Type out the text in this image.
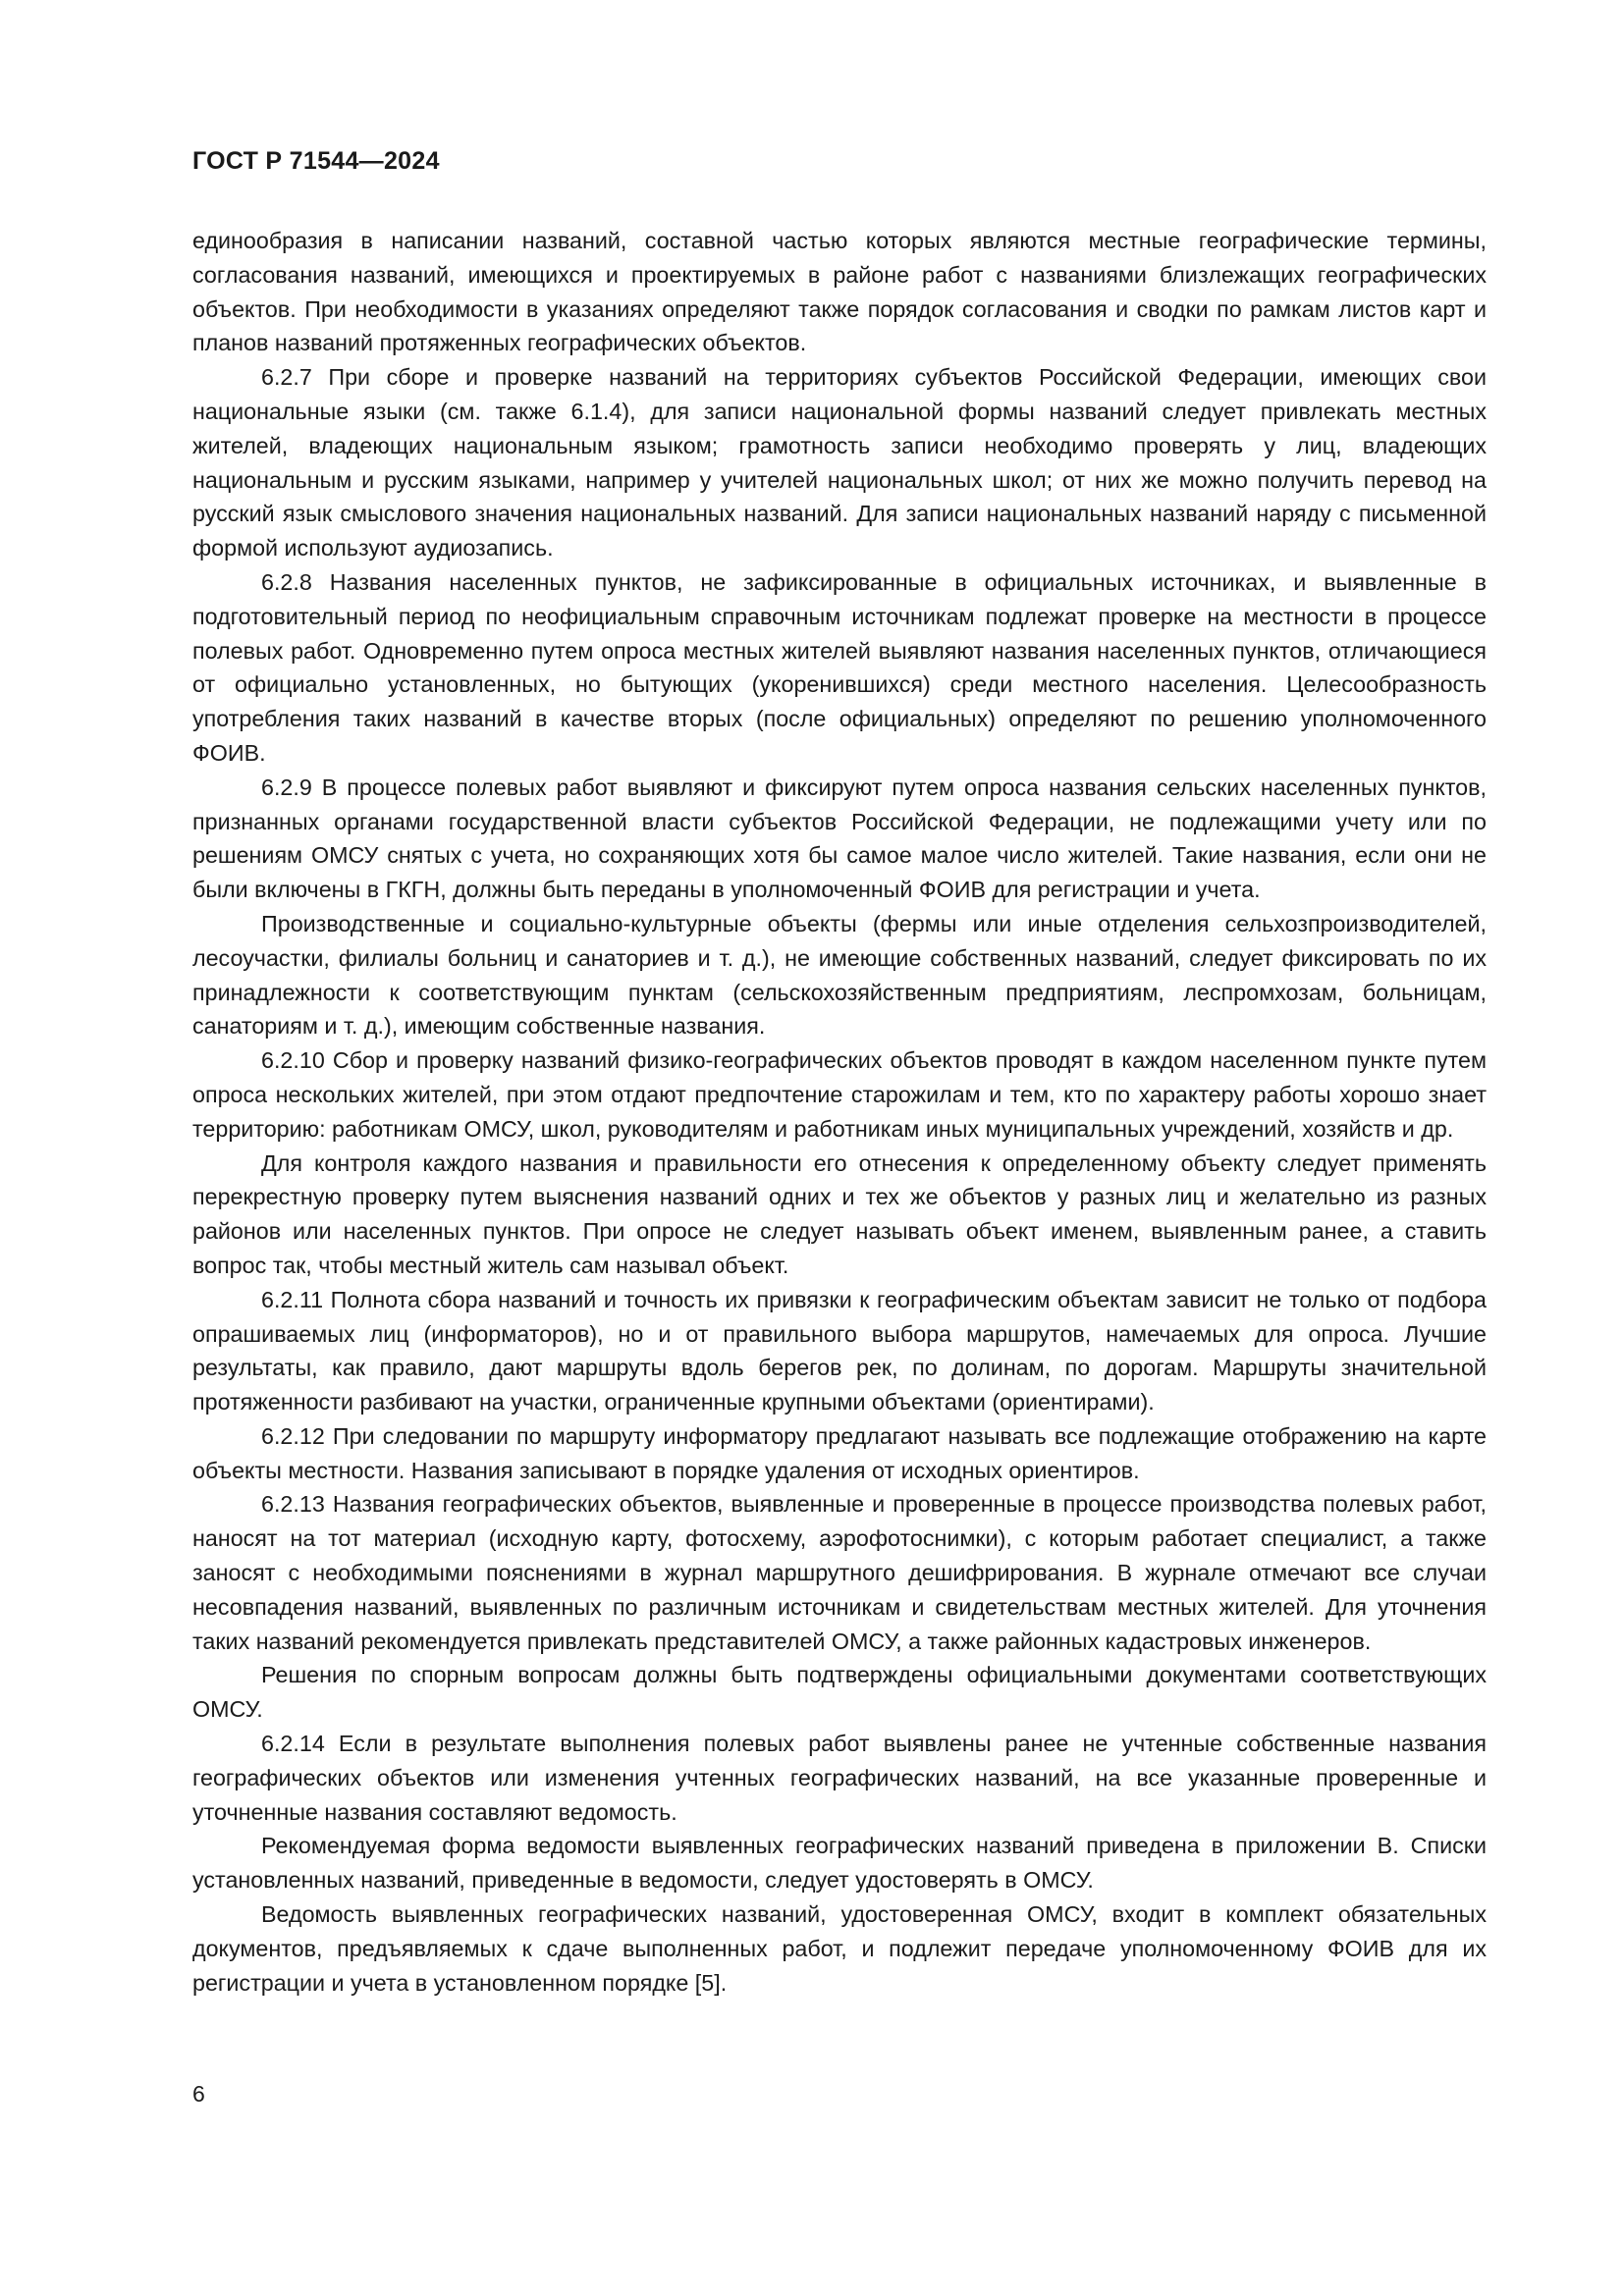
ГОСТ Р 71544—2024

единообразия в написании названий, составной частью которых являются местные географические термины, согласования названий, имеющихся и проектируемых в районе работ с названиями близлежащих географических объектов. При необходимости в указаниях определяют также порядок согласования и сводки по рамкам листов карт и планов названий протяженных географических объектов.

6.2.7 При сборе и проверке названий на территориях субъектов Российской Федерации, имеющих свои национальные языки (см. также 6.1.4), для записи национальной формы названий следует привлекать местных жителей, владеющих национальным языком; грамотность записи необходимо проверять у лиц, владеющих национальным и русским языками, например у учителей национальных школ; от них же можно получить перевод на русский язык смыслового значения национальных названий. Для записи национальных названий наряду с письменной формой используют аудиозапись.

6.2.8 Названия населенных пунктов, не зафиксированные в официальных источниках, и выявленные в подготовительный период по неофициальным справочным источникам подлежат проверке на местности в процессе полевых работ. Одновременно путем опроса местных жителей выявляют названия населенных пунктов, отличающиеся от официально установленных, но бытующих (укоренившихся) среди местного населения. Целесообразность употребления таких названий в качестве вторых (после официальных) определяют по решению уполномоченного ФОИВ.

6.2.9 В процессе полевых работ выявляют и фиксируют путем опроса названия сельских населенных пунктов, признанных органами государственной власти субъектов Российской Федерации, не подлежащими учету или по решениям ОМСУ снятых с учета, но сохраняющих хотя бы самое малое число жителей. Такие названия, если они не были включены в ГКГН, должны быть переданы в уполномоченный ФОИВ для регистрации и учета.

Производственные и социально-культурные объекты (фермы или иные отделения сельхозпроизводителей, лесоучастки, филиалы больниц и санаториев и т. д.), не имеющие собственных названий, следует фиксировать по их принадлежности к соответствующим пунктам (сельскохозяйственным предприятиям, леспромхозам, больницам, санаториям и т. д.), имеющим собственные названия.

6.2.10 Сбор и проверку названий физико-географических объектов проводят в каждом населенном пункте путем опроса нескольких жителей, при этом отдают предпочтение старожилам и тем, кто по характеру работы хорошо знает территорию: работникам ОМСУ, школ, руководителям и работникам иных муниципальных учреждений, хозяйств и др.

Для контроля каждого названия и правильности его отнесения к определенному объекту следует применять перекрестную проверку путем выяснения названий одних и тех же объектов у разных лиц и желательно из разных районов или населенных пунктов. При опросе не следует называть объект именем, выявленным ранее, а ставить вопрос так, чтобы местный житель сам называл объект.

6.2.11 Полнота сбора названий и точность их привязки к географическим объектам зависит не только от подбора опрашиваемых лиц (информаторов), но и от правильного выбора маршрутов, намечаемых для опроса. Лучшие результаты, как правило, дают маршруты вдоль берегов рек, по долинам, по дорогам. Маршруты значительной протяженности разбивают на участки, ограниченные крупными объектами (ориентирами).

6.2.12 При следовании по маршруту информатору предлагают называть все подлежащие отображению на карте объекты местности. Названия записывают в порядке удаления от исходных ориентиров.

6.2.13 Названия географических объектов, выявленные и проверенные в процессе производства полевых работ, наносят на тот материал (исходную карту, фотосхему, аэрофотоснимки), с которым работает специалист, а также заносят с необходимыми пояснениями в журнал маршрутного дешифрирования. В журнале отмечают все случаи несовпадения названий, выявленных по различным источникам и свидетельствам местных жителей. Для уточнения таких названий рекомендуется привлекать представителей ОМСУ, а также районных кадастровых инженеров.

Решения по спорным вопросам должны быть подтверждены официальными документами соответствующих ОМСУ.

6.2.14 Если в результате выполнения полевых работ выявлены ранее не учтенные собственные названия географических объектов или изменения учтенных географических названий, на все указанные проверенные и уточненные названия составляют ведомость.

Рекомендуемая форма ведомости выявленных географических названий приведена в приложении В. Списки установленных названий, приведенные в ведомости, следует удостоверять в ОМСУ.

Ведомость выявленных географических названий, удостоверенная ОМСУ, входит в комплект обязательных документов, предъявляемых к сдаче выполненных работ, и подлежит передаче уполномоченному ФОИВ для их регистрации и учета в установленном порядке [5].

6
